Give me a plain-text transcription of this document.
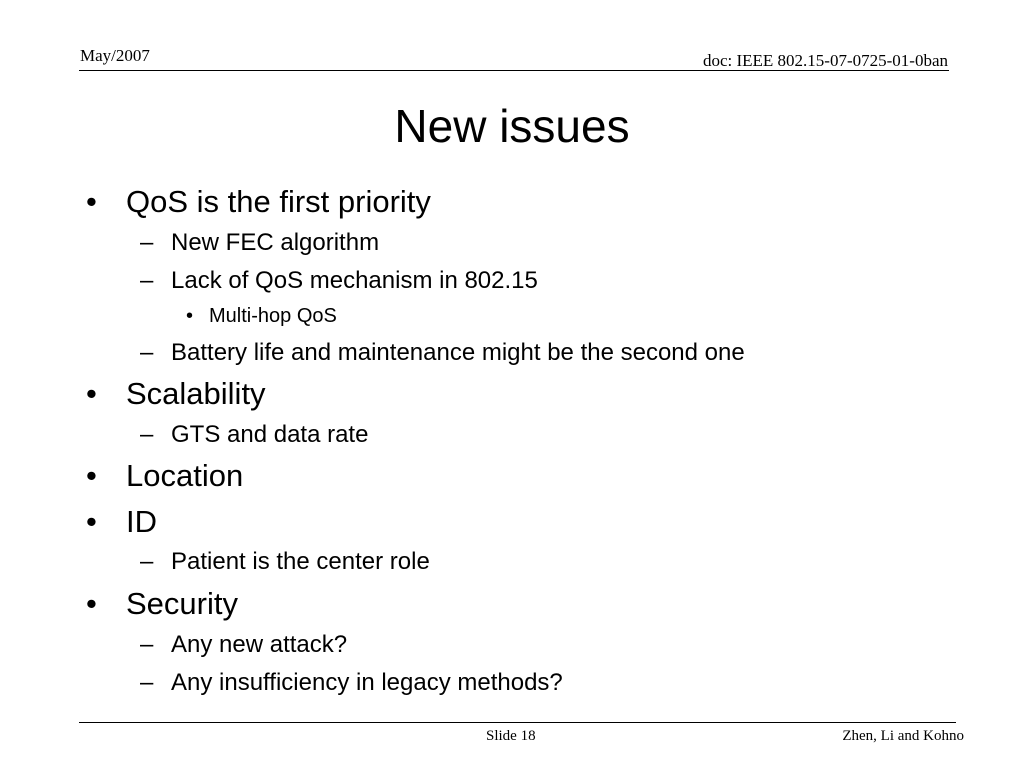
May/2007	doc: IEEE 802.15-07-0725-01-0ban
New issues
• QoS is the first priority
– New FEC algorithm
– Lack of QoS mechanism in 802.15
• Multi-hop QoS
– Battery life and maintenance might be the second one
• Scalability
– GTS and data rate
• Location
• ID
– Patient is the center role
• Security
– Any new attack?
– Any insufficiency in legacy methods?
Slide 18	Zhen, Li and Kohno
